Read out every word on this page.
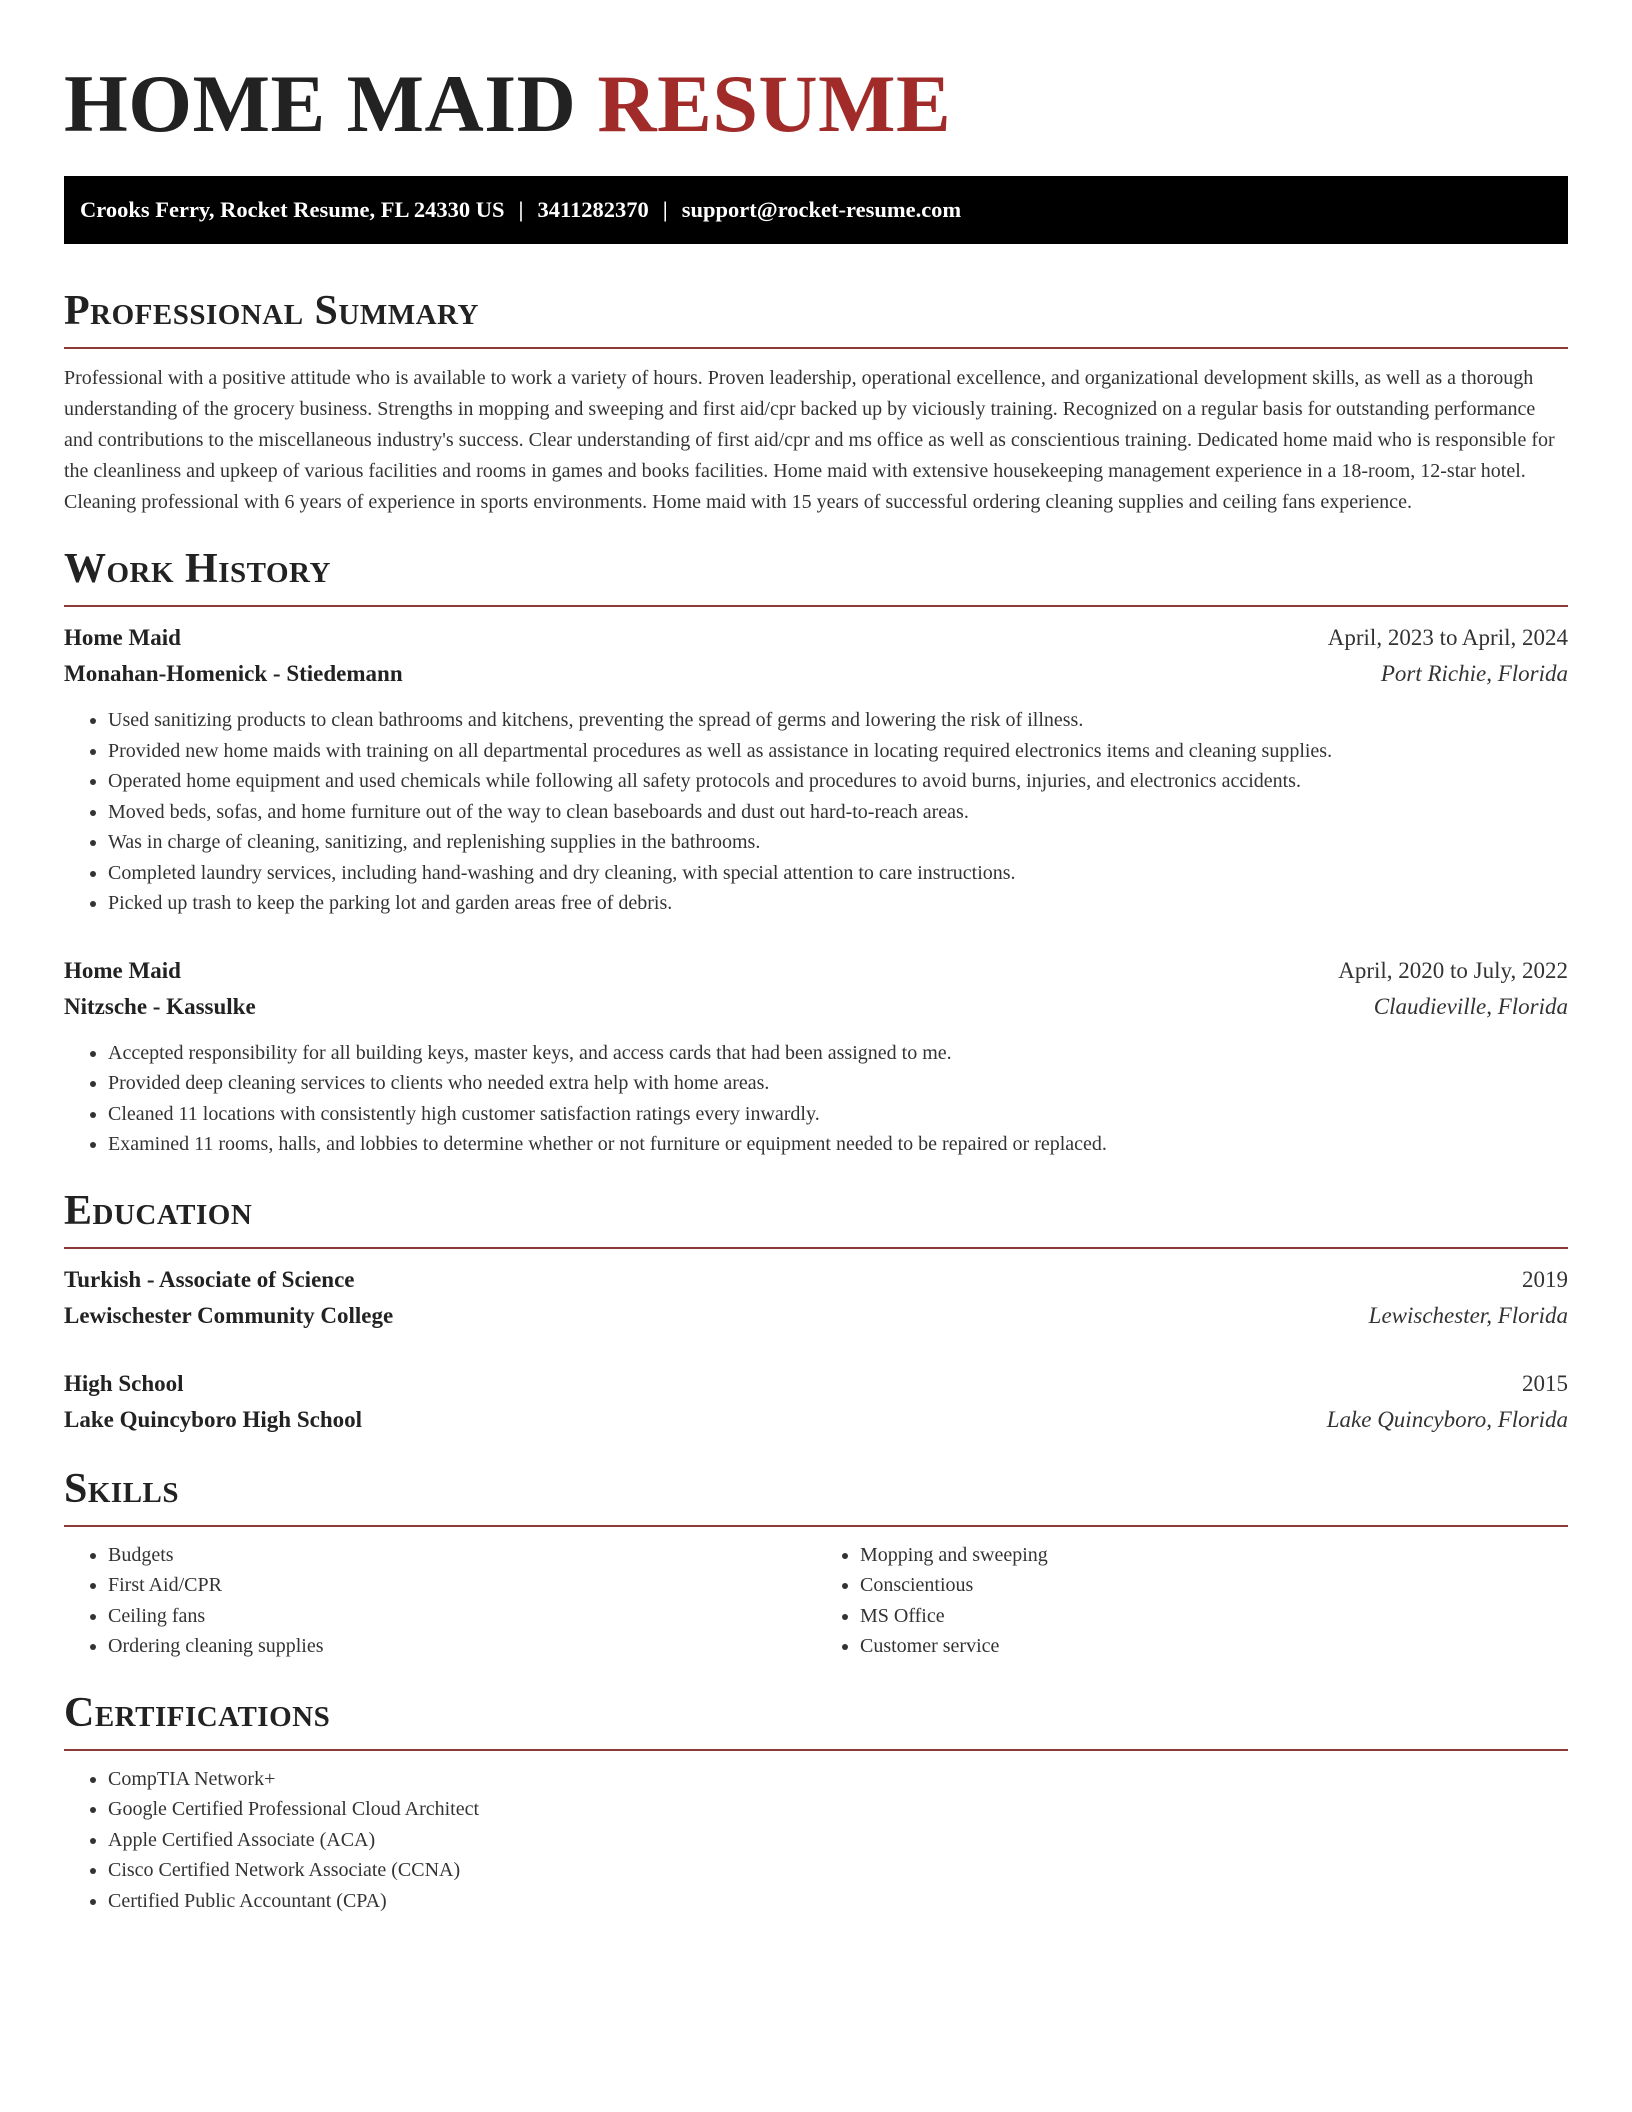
HOME MAID RESUME
Crooks Ferry, Rocket Resume, FL 24330 US | 3411282370 | support@rocket-resume.com
Professional Summary

Professional with a positive attitude who is available to work a variety of hours. Proven leadership, operational excellence, and organizational development skills, as well as a thorough understanding of the grocery business. Strengths in mopping and sweeping and first aid/cpr backed up by viciously training. Recognized on a regular basis for outstanding performance and contributions to the miscellaneous industry's success. Clear understanding of first aid/cpr and ms office as well as conscientious training. Dedicated home maid who is responsible for the cleanliness and upkeep of various facilities and rooms in games and books facilities. Home maid with extensive housekeeping management experience in a 18-room, 12-star hotel. Cleaning professional with 6 years of experience in sports environments. Home maid with 15 years of successful ordering cleaning supplies and ceiling fans experience.

Work History
Home Maid	April, 2023 to April, 2024
Monahan-Homenick - Stiedemann	Port Richie, Florida
• Used sanitizing products to clean bathrooms and kitchens, preventing the spread of germs and lowering the risk of illness.
• Provided new home maids with training on all departmental procedures as well as assistance in locating required electronics items and cleaning supplies.
• Operated home equipment and used chemicals while following all safety protocols and procedures to avoid burns, injuries, and electronics accidents.
• Moved beds, sofas, and home furniture out of the way to clean baseboards and dust out hard-to-reach areas.
• Was in charge of cleaning, sanitizing, and replenishing supplies in the bathrooms.
• Completed laundry services, including hand-washing and dry cleaning, with special attention to care instructions.
• Picked up trash to keep the parking lot and garden areas free of debris.
Home Maid	April, 2020 to July, 2022
Nitzsche - Kassulke	Claudieville, Florida
• Accepted responsibility for all building keys, master keys, and access cards that had been assigned to me.
• Provided deep cleaning services to clients who needed extra help with home areas.
• Cleaned 11 locations with consistently high customer satisfaction ratings every inwardly.
• Examined 11 rooms, halls, and lobbies to determine whether or not furniture or equipment needed to be repaired or replaced.
Education
Turkish - Associate of Science	2019
Lewischester Community College	Lewischester, Florida
High School	2015
Lake Quincyboro High School	Lake Quincyboro, Florida
Skills
• Budgets
• First Aid/CPR
• Ceiling fans
• Ordering cleaning supplies
• Mopping and sweeping
• Conscientious
• MS Office
• Customer service
Certifications
• CompTIA Network+
• Google Certified Professional Cloud Architect
• Apple Certified Associate (ACA)
• Cisco Certified Network Associate (CCNA)
• Certified Public Accountant (CPA)
